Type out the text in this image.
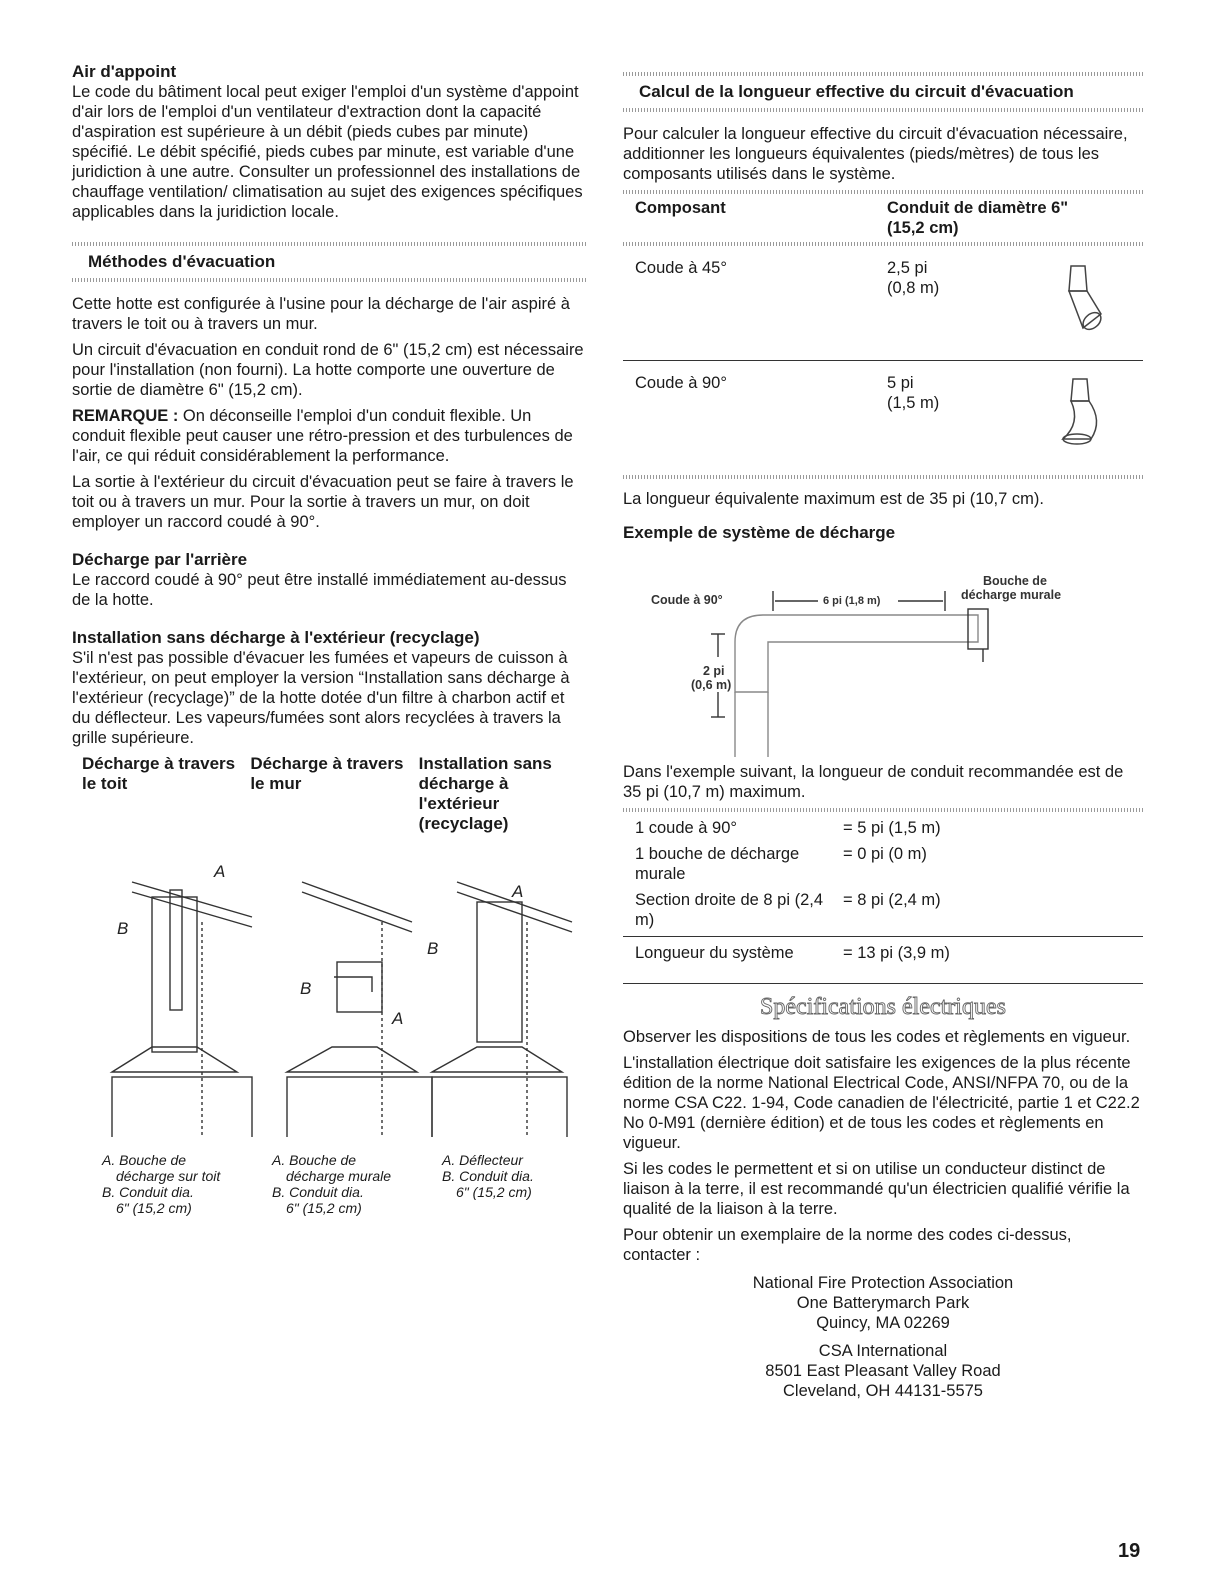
Air d'appoint

Le code du bâtiment local peut exiger l'emploi d'un système d'appoint d'air lors de l'emploi d'un ventilateur d'extraction dont la capacité d'aspiration est supérieure à un débit (pieds cubes par minute) spécifié. Le débit spécifié, pieds cubes par minute, est variable d'une juridiction à une autre. Consulter un professionnel des installations de chauffage ventilation/ climatisation au sujet des exigences spécifiques applicables dans la juridiction locale.

Méthodes d'évacuation

Cette hotte est configurée à l'usine pour la décharge de l'air aspiré à travers le toit ou à travers un mur.

Un circuit d'évacuation en conduit rond de 6" (15,2 cm) est nécessaire pour l'installation (non fourni). La hotte comporte une ouverture de sortie de diamètre 6" (15,2 cm).

REMARQUE : On déconseille l'emploi d'un conduit flexible. Un conduit flexible peut causer une rétro-pression et des turbulences de l'air, ce qui réduit considérablement la performance.

La sortie à l'extérieur du circuit d'évacuation peut se faire à travers le toit ou à travers un mur. Pour la sortie à travers un mur, on doit employer un raccord coudé à 90°.

Décharge par l'arrière

Le raccord coudé à 90° peut être installé immédiatement au-dessus de la hotte.

Installation sans décharge à l'extérieur (recyclage)

S'il n'est pas possible d'évacuer les fumées et vapeurs de cuisson à l'extérieur, on peut employer la version “Installation sans décharge à l'extérieur (recyclage)” de la hotte dotée d'un filtre à charbon actif et du déflecteur. Les vapeurs/fumées sont alors recyclées à travers la grille supérieure.

Décharge à travers le toit
Décharge à travers le mur
Installation sans décharge à l'extérieur (recyclage)
A
B
B
A
A
B
A. Bouche de
décharge sur toit
B. Conduit dia.
6" (15,2 cm)
A. Bouche de
décharge murale
B. Conduit dia.
6" (15,2 cm)
A. Déflecteur
B. Conduit dia.
6" (15,2 cm)
Calcul de la longueur effective du circuit d'évacuation

Pour calculer la longueur effective du circuit d'évacuation nécessaire, additionner les longueurs équivalentes (pieds/mètres) de tous les composants utilisés dans le système.

Composant	Conduit de diamètre 6" (15,2 cm)
Coude à 45°	2,5 pi
(0,8 m)
Coude à 90°	5 pi
(1,5 m)

La longueur équivalente maximum est de 35 pi (10,7 cm).

Exemple de système de décharge
Coude à 90°	6 pi (1,8 m)
Bouche de
décharge murale
2 pi
(0,6 m)

Dans l'exemple suivant, la longueur de conduit recommandée est de 35 pi (10,7 m) maximum.

1 coude à 90°	= 5 pi (1,5 m)
1 bouche de décharge murale
= 0 pi (0 m)
Section droite de 8 pi (2,4 m)
= 8 pi (2,4 m)
Longueur du système	= 13 pi (3,9 m)
Spécifications électriques

Observer les dispositions de tous les codes et règlements en vigueur.

L'installation électrique doit satisfaire les exigences de la plus récente édition de la norme National Electrical Code, ANSI/NFPA 70, ou de la norme CSA C22. 1-94, Code canadien de l'électricité, partie 1 et C22.2 No 0-M91 (dernière édition) et de tous les codes et règlements en vigueur.

Si les codes le permettent et si on utilise un conducteur distinct de liaison à la terre, il est recommandé qu'un électricien qualifié vérifie la qualité de la liaison à la terre.

Pour obtenir un exemplaire de la norme des codes ci-dessus, contacter :

National Fire Protection Association
One Batterymarch Park
Quincy, MA 02269
CSA International
8501 East Pleasant Valley Road
Cleveland, OH 44131-5575
19
